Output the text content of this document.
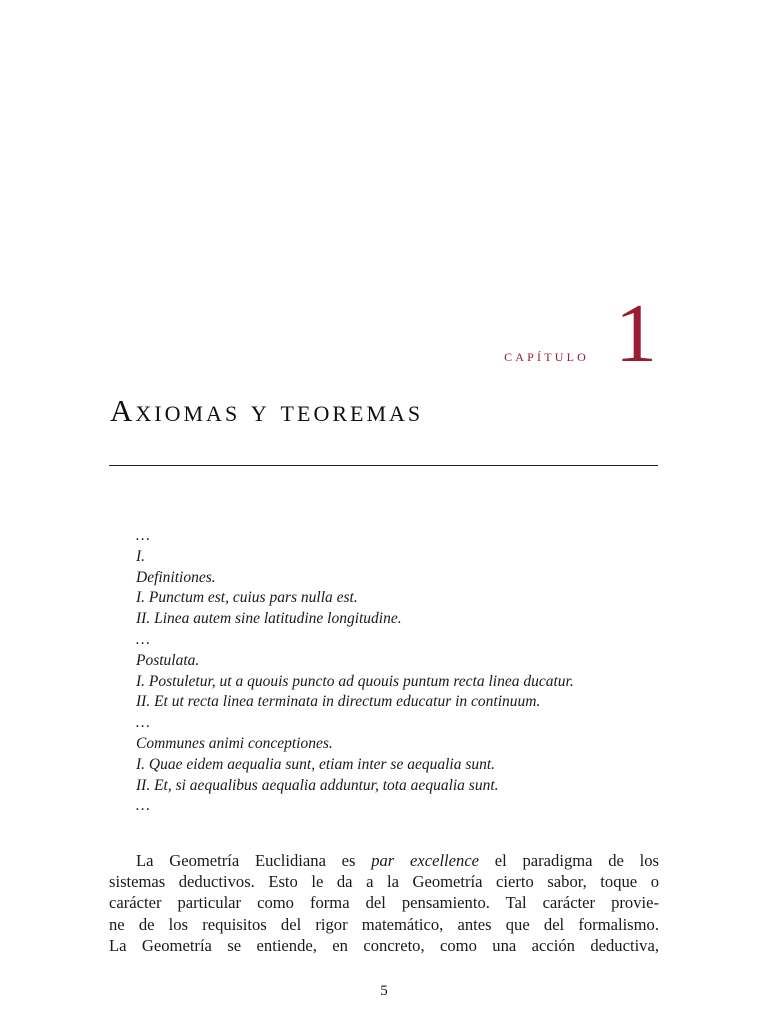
capítulo 1
Axiomas y teoremas
…
I.
Definitiones.
I. Punctum est, cuius pars nulla est.
II. Linea autem sine latitudine longitudine.
…
Postulata.
I. Postuletur, ut a quouis puncto ad quouis puntum recta linea ducatur.
II. Et ut recta linea terminata in directum educatur in continuum.
…
Communes animi conceptiones.
I. Quae eidem aequalia sunt, etiam inter se aequalia sunt.
II. Et, si aequalibus aequalia adduntur, tota aequalia sunt.
…
La Geometría Euclidiana es par excellence el paradigma de los
sistemas deductivos. Esto le da a la Geometría cierto sabor, toque o
carácter particular como forma del pensamiento. Tal carácter provie-
ne de los requisitos del rigor matemático, antes que del formalismo.
La Geometría se entiende, en concreto, como una acción deductiva,
5
